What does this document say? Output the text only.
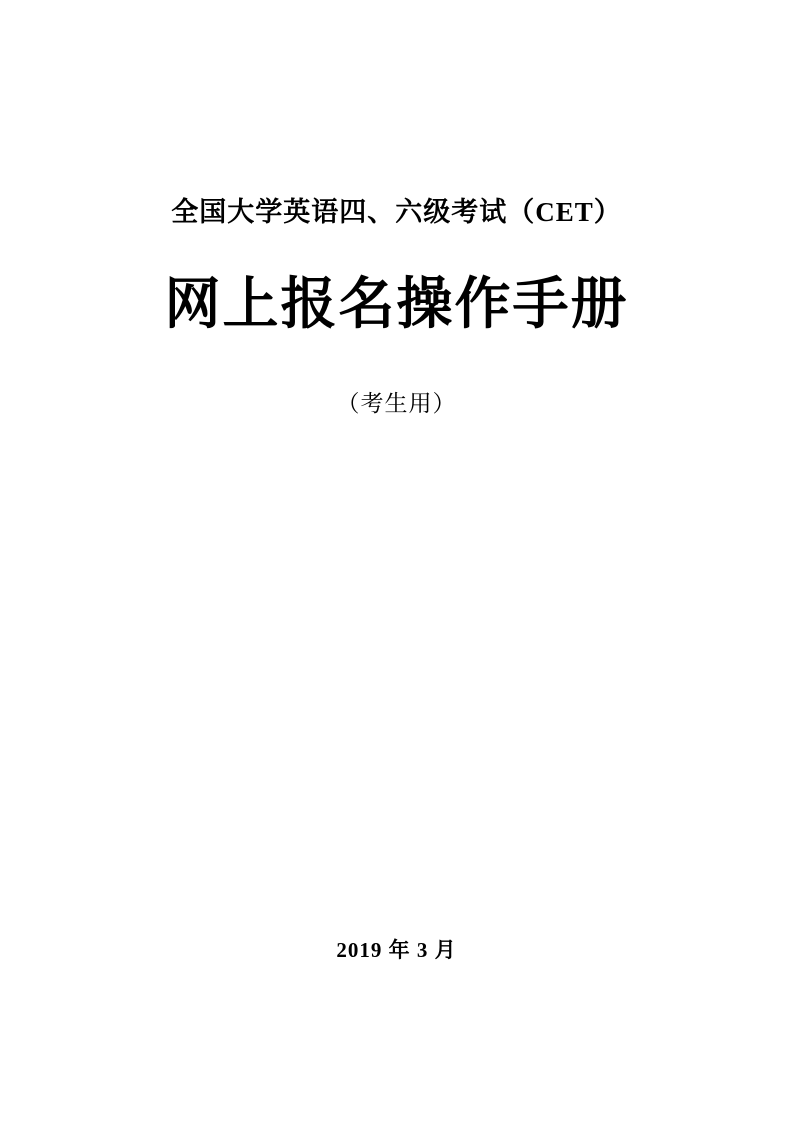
全国大学英语四、六级考试（CET）
网上报名操作手册
（考生用）
2019 年 3 月
